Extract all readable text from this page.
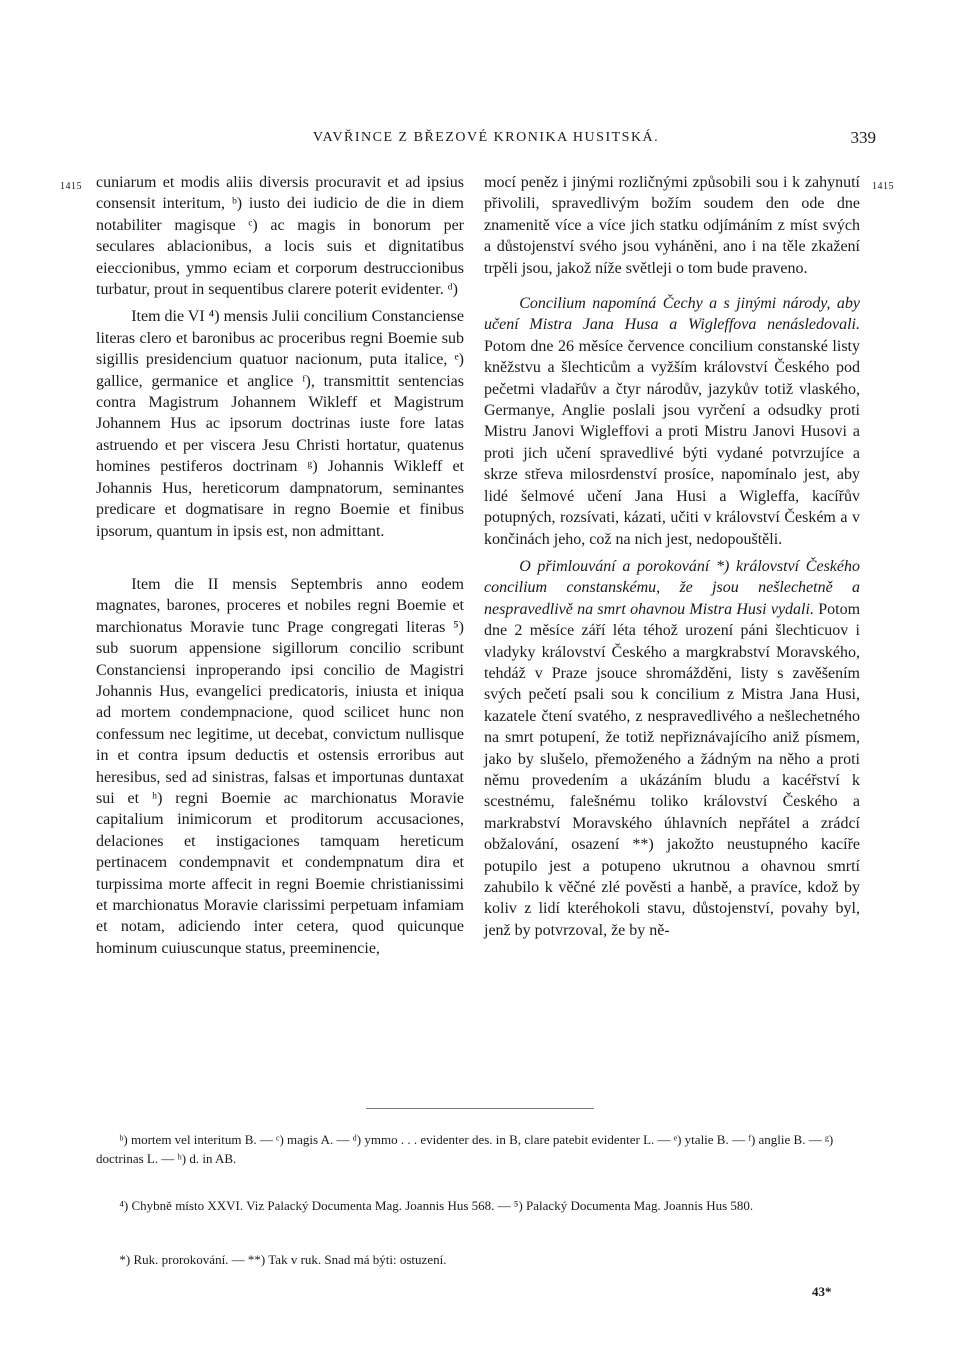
VAVŘINCE Z BŘEZOVÉ KRONIKA HUSITSKÁ.	339
1415	1415

cuniarum et modis aliis diversis procuravit et ad ipsius consensit interitum, ᵇ) iusto dei iudicio de die in diem notabiliter magisque ᶜ) ac magis in bonorum per seculares ablacionibus, a locis suis et dignitatibus eieccionibus, ymmo eciam et corporum destruccionibus turbatur, prout in sequentibus clarere poterit evidenter. ᵈ)

Item die VI ⁴) mensis Julii concilium Constanciense literas clero et baronibus ac proceribus regni Boemie sub sigillis presidencium quatuor nacionum, puta italice, ᵉ) gallice, germanice et anglice ᶠ), transmittit sentencias contra Magistrum Johannem Wikleff et Magistrum Johannem Hus ac ipsorum doctrinas iuste fore latas astruendo et per viscera Jesu Christi hortatur, quatenus homines pestiferos doctrinam ᵍ) Johannis Wikleff et Johannis Hus, hereticorum dampnatorum, seminantes predicare et dogmatisare in regno Boemie et finibus ipsorum, quantum in ipsis est, non admittant.

Item die II mensis Septembris anno eodem magnates, barones, proceres et nobiles regni Boemie et marchionatus Moravie tunc Prage congregati literas ⁵) sub suorum appensione sigillorum concilio scribunt Constanciensi inproperando ipsi concilio de Magistri Johannis Hus, evangelici predicatoris, iniusta et iniqua ad mortem condempnacione, quod scilicet hunc non confessum nec legitime, ut decebat, convictum nullisque in et contra ipsum deductis et ostensis erroribus aut heresibus, sed ad sinistras, falsas et importunas duntaxat sui et ʰ) regni Boemie ac marchionatus Moravie capitalium inimicorum et proditorum accusaciones, delaciones et instigaciones tamquam hereticum pertinacem condempnavit et condempnatum dira et turpissima morte affecit in regni Boemie christianissimi et marchionatus Moravie clarissimi perpetuam infamiam et notam, adiciendo inter cetera, quod quicunque hominum cuiuscunque status, preeminencie,

mocí peněz i jinými rozličnými způsobili sou i k zahynutí přivolili, spravedlivým božím soudem den ode dne znamenitě více a více jich statku odjímáním z míst svých a důstojenství svého jsou vyháněni, ano i na těle zkažení trpěli jsou, jakož níže světleji o tom bude praveno.

Concilium napomíná Čechy a s jinými národy, aby učení Mistra Jana Husa a Wigleffova nenásledovali. Potom dne 26 měsíce července concilium constanské listy kněžstvu a šlechticům a vyžším království Českého pod pečetmi vladařův a čtyr národův, jazykův totiž vlaského, Germanye, Anglie poslali jsou vyrčení a odsudky proti Mistru Janovi Wigleffovi a proti Mistru Janovi Husovi a proti jich učení spravedlivé býti vydané potvrzujíce a skrze střeva milosrdenství prosíce, napomínalo jest, aby lidé šelmové učení Jana Husi a Wigleffa, kacířův potupných, rozsívati, kázati, učiti v království Českém a v končinách jeho, což na nich jest, nedopouštěli.

O přimlouvání a porokování *) království Českého concilium constanskému, že jsou nešlechetně a nespravedlivě na smrt ohavnou Mistra Husi vydali. Potom dne 2 měsíce září léta téhož urození páni šlechticuov i vladyky království Českého a margkrabství Moravského, tehdáž v Praze jsouce shromážděni, listy s zavěšením svých pečetí psali sou k concilium z Mistra Jana Husi, kazatele čtení svatého, z nespravedlivého a nešlechetného na smrt potupení, že totiž nepřiznávajícího aniž písmem, jako by slušelo, přemoženého a žádným na něho a proti němu provedením a ukázáním bludu a kacéřství k scestnému, falešnému toliko království Českého a markrabství Moravského úhlavních nepřátel a zrádcí obžalování, osazení **) jakožto neustupného kacíře potupilo jest a potupeno ukrutnou a ohavnou smrtí zahubilo k věčné zlé pověsti a hanbě, a pravíce, kdož by koliv z lidí kteréhokoli stavu, důstojenství, povahy byl, jenž by potvrzoval, že by ně-

ᵇ) mortem vel interitum B. — ᶜ) magis A. — ᵈ) ymmo . . . evidenter des. in B, clare patebit evidenter L. — ᵉ) ytalie B. — ᶠ) anglie B. — ᵍ) doctrinas L. — ʰ) d. in AB.

⁴) Chybně místo XXVI. Viz Palacký Documenta Mag. Joannis Hus 568. — ⁵) Palacký Documenta Mag. Joannis Hus 580.

*) Ruk. prorokování. — **) Tak v ruk. Snad má býti: ostuzení.

43*
